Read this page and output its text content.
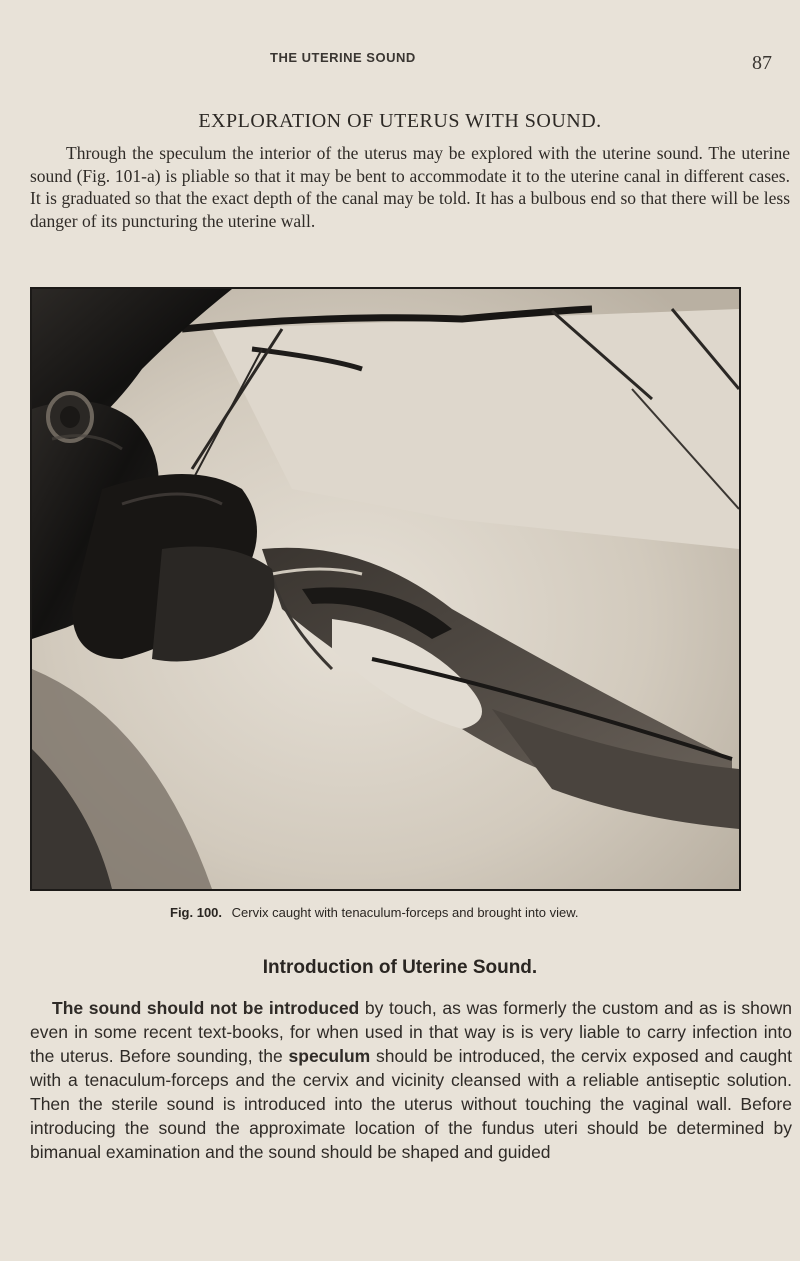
THE UTERINE SOUND	87
EXPLORATION OF UTERUS WITH SOUND.

Through the speculum the interior of the uterus may be explored with the uterine sound. The uterine sound (Fig. 101-a) is pliable so that it may be bent to accommodate it to the uterine canal in different cases. It is graduated so that the exact depth of the canal may be told. It has a bulbous end so that there will be less danger of its puncturing the uterine wall.

Fig. 100. Cervix caught with tenaculum-forceps and brought into view.
Introduction of Uterine Sound.

The sound should not be introduced by touch, as was formerly the custom and as is shown even in some recent text-books, for when used in that way is is very liable to carry infection into the uterus. Before sounding, the speculum should be introduced, the cervix exposed and caught with a tenaculum-forceps and the cervix and vicinity cleansed with a reliable antiseptic solution. Then the sterile sound is introduced into the uterus without touching the vaginal wall. Before introducing the sound the approximate location of the fundus uteri should be determined by bimanual examination and the sound should be shaped and guided
